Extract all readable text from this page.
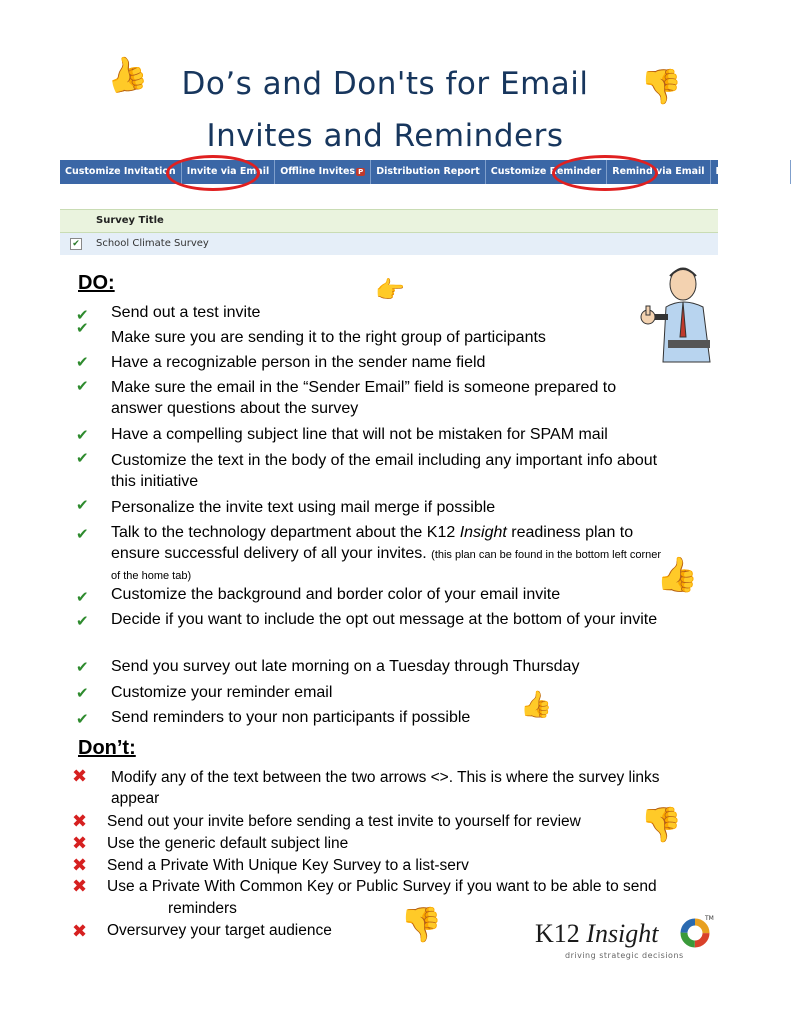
Do’s and Don'ts for Email
Invites and Reminders
👍	👎
Customize Invitation	Invite via Email	Offline Invites P	Distribution Report	Customize Reminder	Remind via Email	List Manager
Survey Title
✔ School Climate Survey
DO:	👉
✔
✔
✔
✔
✔
✔
✔
✔
✔
✔
✔
✔
✔
Send out a test invite
Make sure you are sending it to the right group of participants
Have a recognizable person in the sender name field
Make sure the email in the “Sender Email” field is someone prepared to answer questions about the survey
Have a compelling subject line that will not be mistaken for SPAM mail
Customize the text in the body of the email including any important info about this initiative
Personalize the invite text using mail merge if possible
Talk to the technology department about the K12 Insight readiness plan to ensure successful delivery of all your invites. (this plan can be found in the bottom left corner of the home tab)
Customize the background and border color of your email invite
Decide if you want to include the opt out message at the bottom of your invite
Send you survey out late morning on a Tuesday through Thursday
Customize your reminder email
Send reminders to your non participants if possible
👍
👍
Don’t:
✖
✖
✖
✖
✖
✖
Modify any of the text between the two arrows <>. This is where the survey links appear
Send out your invite before sending a test invite to yourself for review
Use the generic default subject line
Send a Private With Unique Key Survey to a list-serv
Use a Private With Common Key or Public Survey if you want to be able to send
reminders
Oversurvey your target audience
👎
👎	K12 Insight
TM
driving strategic decisions
